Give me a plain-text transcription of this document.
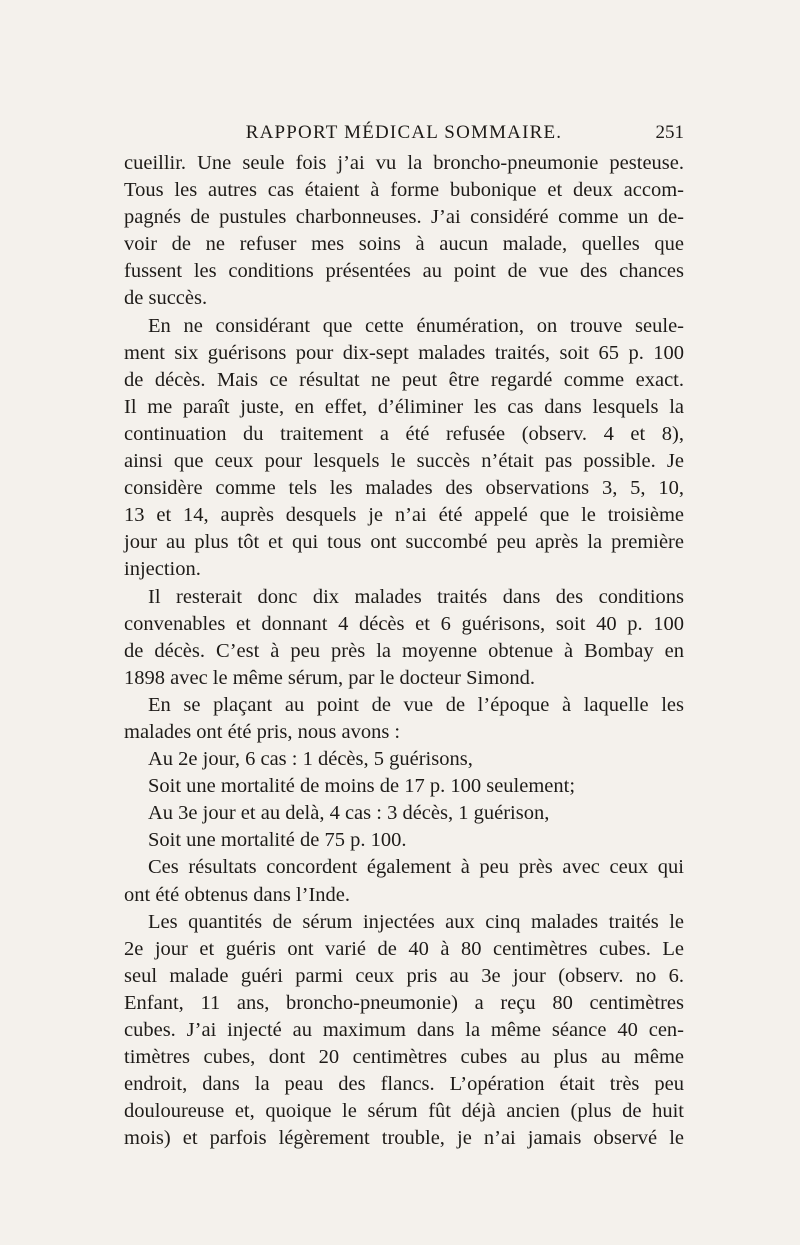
RAPPORT MÉDICAL SOMMAIRE.	251
cueillir. Une seule fois j’ai vu la broncho-pneumonie pesteuse.
Tous les autres cas étaient à forme bubonique et deux accom-
pagnés de pustules charbonneuses. J’ai considéré comme un de-
voir de ne refuser mes soins à aucun malade, quelles que
fussent les conditions présentées au point de vue des chances
de succès.
En ne considérant que cette énumération, on trouve seule-
ment six guérisons pour dix-sept malades traités, soit 65 p. 100
de décès. Mais ce résultat ne peut être regardé comme exact.
Il me paraît juste, en effet, d’éliminer les cas dans lesquels la
continuation du traitement a été refusée (observ. 4 et 8),
ainsi que ceux pour lesquels le succès n’était pas possible. Je
considère comme tels les malades des observations 3, 5, 10,
13 et 14, auprès desquels je n’ai été appelé que le troisième
jour au plus tôt et qui tous ont succombé peu après la première
injection.
Il resterait donc dix malades traités dans des conditions
convenables et donnant 4 décès et 6 guérisons, soit 40 p. 100
de décès. C’est à peu près la moyenne obtenue à Bombay en
1898 avec le même sérum, par le docteur Simond.
En se plaçant au point de vue de l’époque à laquelle les
malades ont été pris, nous avons :
Au 2e jour, 6 cas : 1 décès, 5 guérisons,
Soit une mortalité de moins de 17 p. 100 seulement;
Au 3e jour et au delà, 4 cas : 3 décès, 1 guérison,
Soit une mortalité de 75 p. 100.
Ces résultats concordent également à peu près avec ceux qui
ont été obtenus dans l’Inde.
Les quantités de sérum injectées aux cinq malades traités le
2e jour et guéris ont varié de 40 à 80 centimètres cubes. Le
seul malade guéri parmi ceux pris au 3e jour (observ. no 6.
Enfant, 11 ans, broncho-pneumonie) a reçu 80 centimètres
cubes. J’ai injecté au maximum dans la même séance 40 cen-
timètres cubes, dont 20 centimètres cubes au plus au même
endroit, dans la peau des flancs. L’opération était très peu
douloureuse et, quoique le sérum fût déjà ancien (plus de huit
mois) et parfois légèrement trouble, je n’ai jamais observé le
